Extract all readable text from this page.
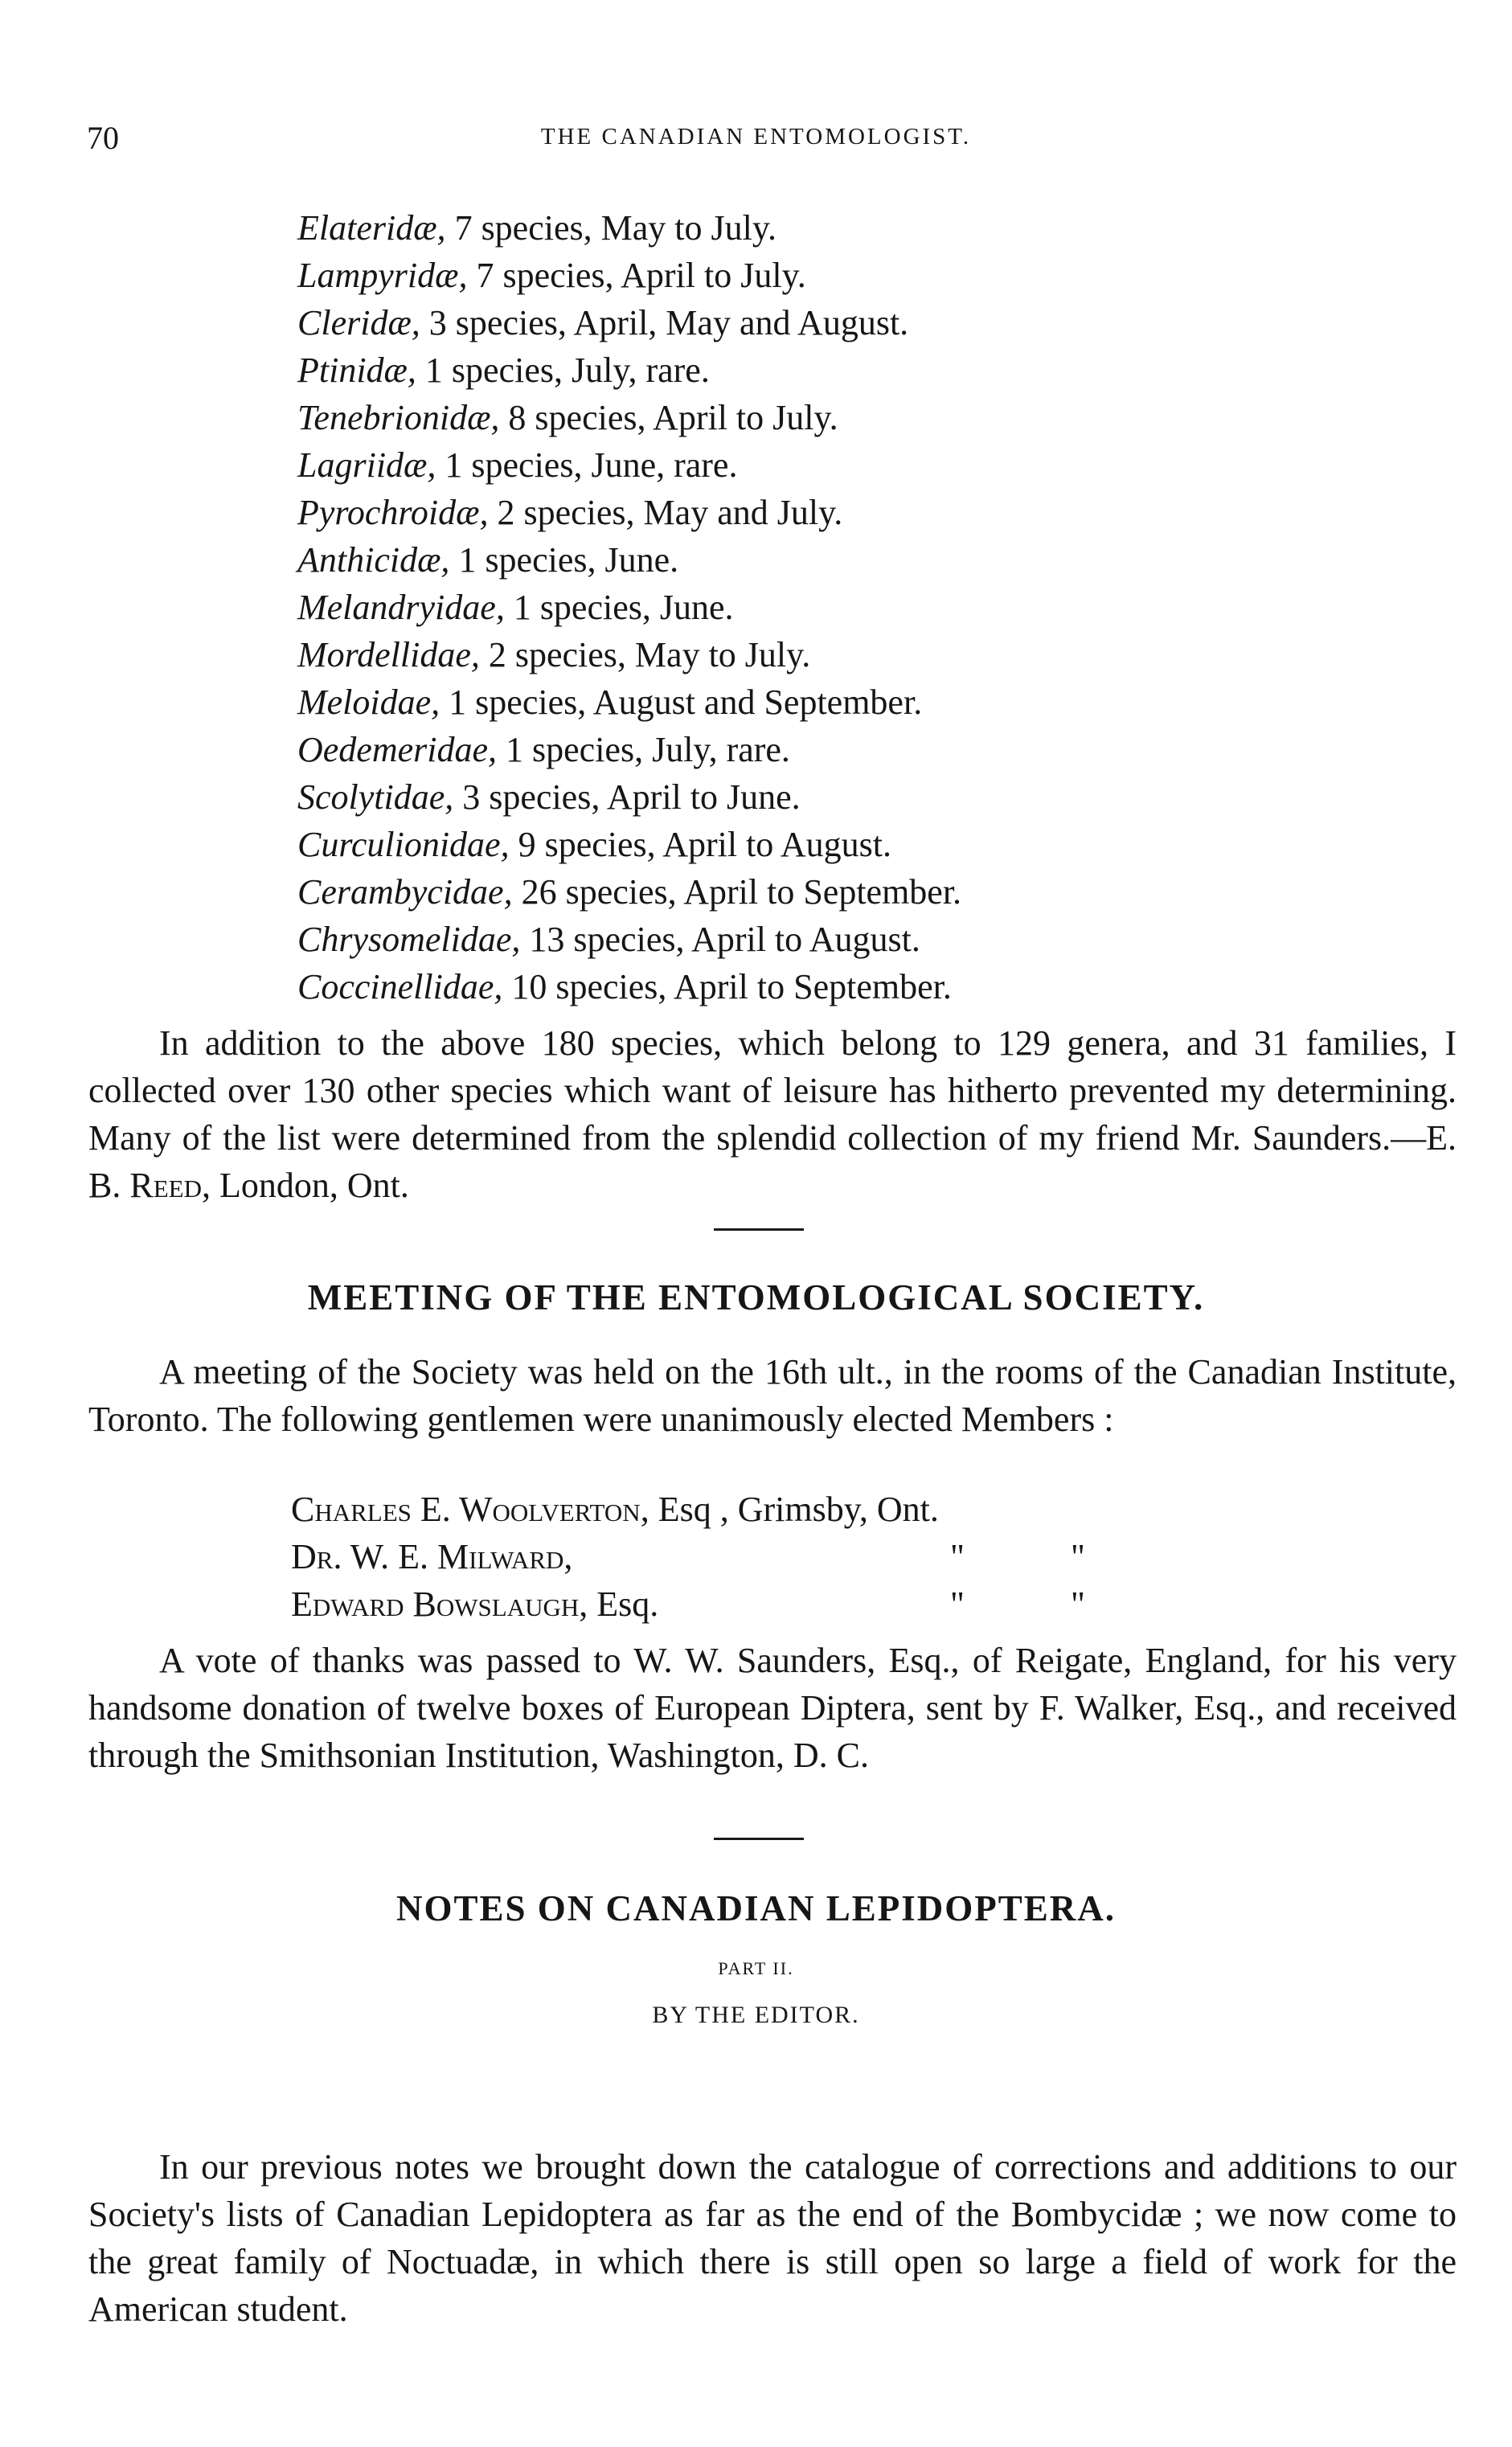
70	THE CANADIAN ENTOMOLOGIST.
Elateridæ, 7 species, May to July.
Lampyridæ, 7 species, April to July.
Cleridæ, 3 species, April, May and August.
Ptinidæ, 1 species, July, rare.
Tenebrionidæ, 8 species, April to July.
Lagriidæ, 1 species, June, rare.
Pyrochroidæ, 2 species, May and July.
Anthicidæ, 1 species, June.
Melandryidae, 1 species, June.
Mordellidae, 2 species, May to July.
Meloidae, 1 species, August and September.
Oedemeridae, 1 species, July, rare.
Scolytidae, 3 species, April to June.
Curculionidae, 9 species, April to August.
Cerambycidae, 26 species, April to September.
Chrysomelidae, 13 species, April to August.
Coccinellidae, 10 species, April to September.

In addition to the above 180 species, which belong to 129 genera, and 31 families, I collected over 130 other species which want of leisure has hitherto prevented my determining. Many of the list were determined from the splendid collection of my friend Mr. Saunders.—E. B. Reed, London, Ont.

MEETING OF THE ENTOMOLOGICAL SOCIETY.

A meeting of the Society was held on the 16th ult., in the rooms of the Canadian Institute, Toronto. The following gentlemen were unanimously elected Members :

Charles E. Woolverton, Esq , Grimsby, Ont.
Dr. W. E. Milward,	"	"
Edward Bowslaugh, Esq.	"	"

A vote of thanks was passed to W. W. Saunders, Esq., of Reigate, England, for his very handsome donation of twelve boxes of European Diptera, sent by F. Walker, Esq., and received through the Smithsonian Institution, Washington, D. C.

NOTES ON CANADIAN LEPIDOPTERA.
PART II.
BY THE EDITOR.

In our previous notes we brought down the catalogue of corrections and additions to our Society's lists of Canadian Lepidoptera as far as the end of the Bombycidæ ; we now come to the great family of Noctuadæ, in which there is still open so large a field of work for the American student.
